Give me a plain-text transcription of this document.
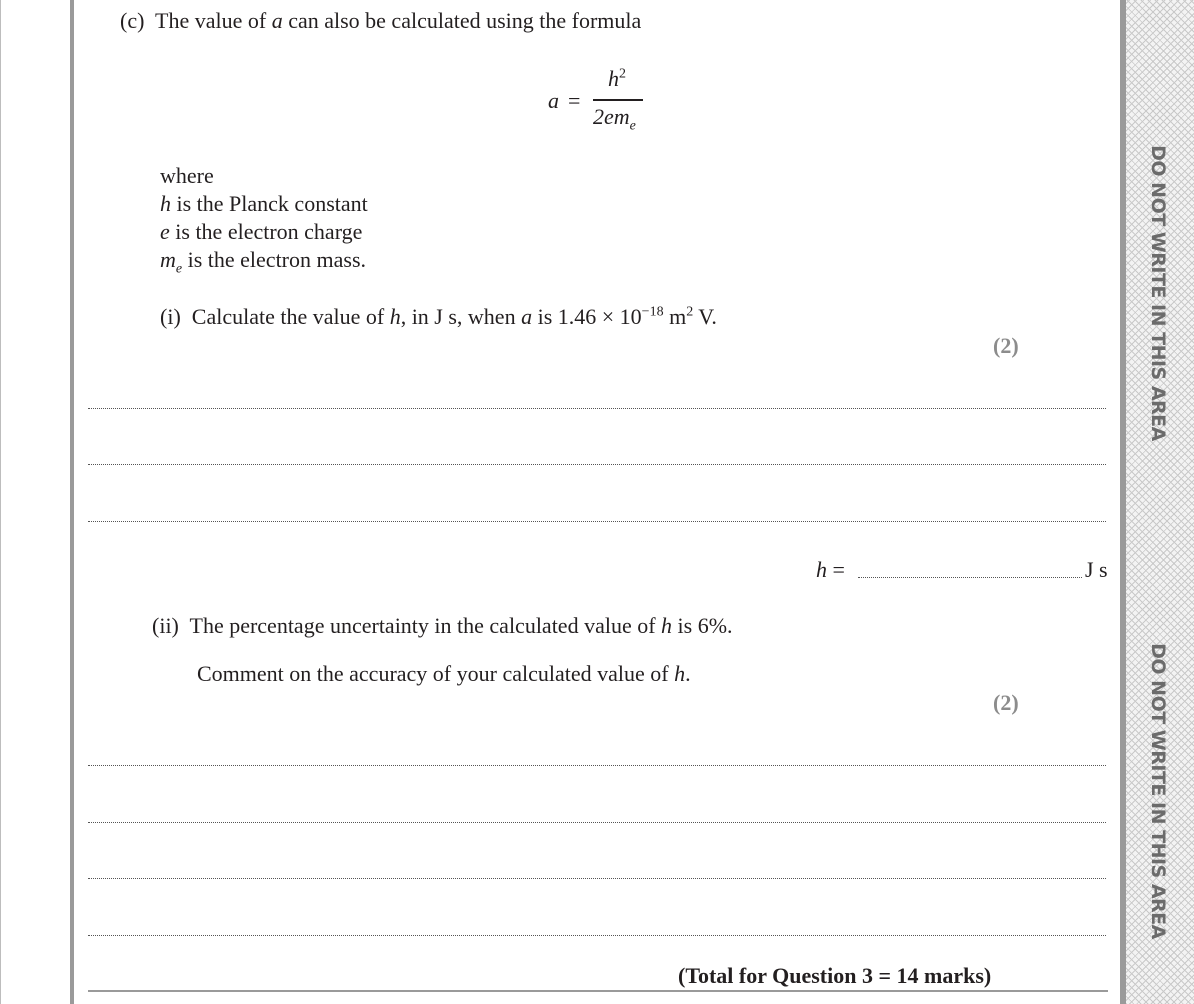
DO NOT WRITE IN THIS AREA
DO NOT WRITE IN THIS AREA
(c) The value of a can also be calculated using the formula
a =
$h^2$
$2em_e$
where
h is the Planck constant
e is the electron charge
$m_e$ is the electron mass.
(i) Calculate the value of h, in J s, when a is $1.46 \times 10^{-18}$ $m^2$ V.
(2)
h =	J s
(ii) The percentage uncertainty in the calculated value of h is 6%.
Comment on the accuracy of your calculated value of h.
(2)
(Total for Question 3 = 14 marks)
